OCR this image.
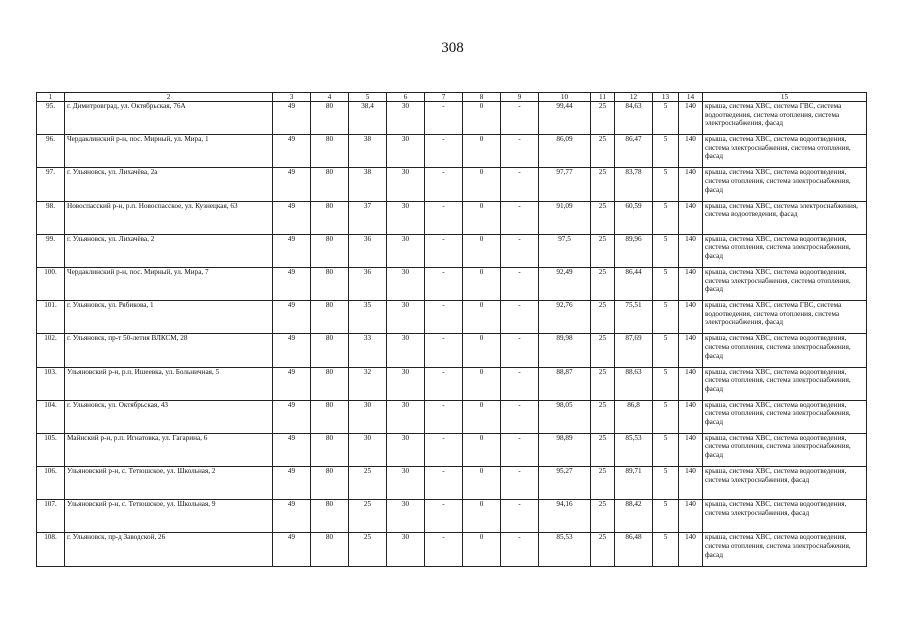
308
1	2	3	4	5	6	7	8	9	10	11	12	13	14	15
95.	г. Димитровград, ул. Октябрьская, 76А	49	80	38,4	30	-	0	-	99,44	25	84,63	5	140	крыша, система ХВС, система ГВС, система водоотведения, система отопления, система электроснабжения, фасад
96.	Чердаклинский р-н, пос. Мирный, ул. Мира, 1	49	80	38	30	-	0	-	86,09	25	86,47	5	140	крыша, система ХВС, система водоотведения, система электроснабжения, система отопления, фасад
97.	г. Ульяновск, ул. Лихачёва, 2а	49	80	38	30	-	0	-	97,77	25	83,78	5	140	крыша, система ХВС, система водоотведения, система отопления, система электроснабжения, фасад
98.	Новоспасский р-н, р.п. Новоспасское, ул. Кузнецкая, 63	49	80	37	30	-	0	-	91,09	25	60,59	5	140	крыша, система ХВС, система электроснабжения, система водоотведения, фасад
99.	г. Ульяновск, ул. Лихачёва, 2	49	80	36	30	-	0	-	97,5	25	89,96	5	140	крыша, система ХВС, система водоотведения, система отопления, система электроснабжения, фасад
100.	Чердаклинский р-н, пос. Мирный, ул. Мира, 7	49	80	36	30	-	0	-	92,49	25	86,44	5	140	крыша, система ХВС, система водоотведения, система электроснабжения, система отопления, фасад
101.	г. Ульяновск, ул. Рябикова, 1	49	80	35	30	-	0	-	92,76	25	75,51	5	140	крыша, система ХВС, система ГВС, система водоотведения, система отопления, система электроснабжения, фасад
102.	г. Ульяновск, пр-т 50-летия ВЛКСМ, 28	49	80	33	30	-	0	-	89,98	25	87,69	5	140	крыша, система ХВС, система водоотведения, система отопления, система электроснабжения, фасад
103.	Ульяновский р-н, р.п. Ишеевка, ул. Больничная, 5	49	80	32	30	-	0	-	88,87	25	88,63	5	140	крыша, система ХВС, система водоотведения, система отопления, система электроснабжения, фасад
104.	г. Ульяновск, ул. Октябрьская, 43	49	80	30	30	-	0	-	98,05	25	86,8	5	140	крыша, система ХВС, система водоотведения, система отопления, система электроснабжения, фасад
105.	Майнский р-н, р.п. Игнатовка, ул. Гагарина, 6	49	80	30	30	-	0	-	98,89	25	85,53	5	140	крыша, система ХВС, система водоотведения, система отопления, система электроснабжения, фасад
106.	Ульяновский р-н, с. Тетюшское, ул. Школьная, 2	49	80	25	30	-	0	-	95,27	25	89,71	5	140	крыша, система ХВС, система водоотведения, система электроснабжения, фасад
107.	Ульяновский р-н, с. Тетюшское, ул. Школьная, 9	49	80	25	30	-	0	-	94,16	25	88,42	5	140	крыша, система ХВС, система водоотведения, система электроснабжения, фасад
108.	г. Ульяновск, пр-д Заводской, 26	49	80	25	30	-	0	-	85,53	25	86,48	5	140	крыша, система ХВС, система водоотведения, система отопления, система электроснабжения, фасад
